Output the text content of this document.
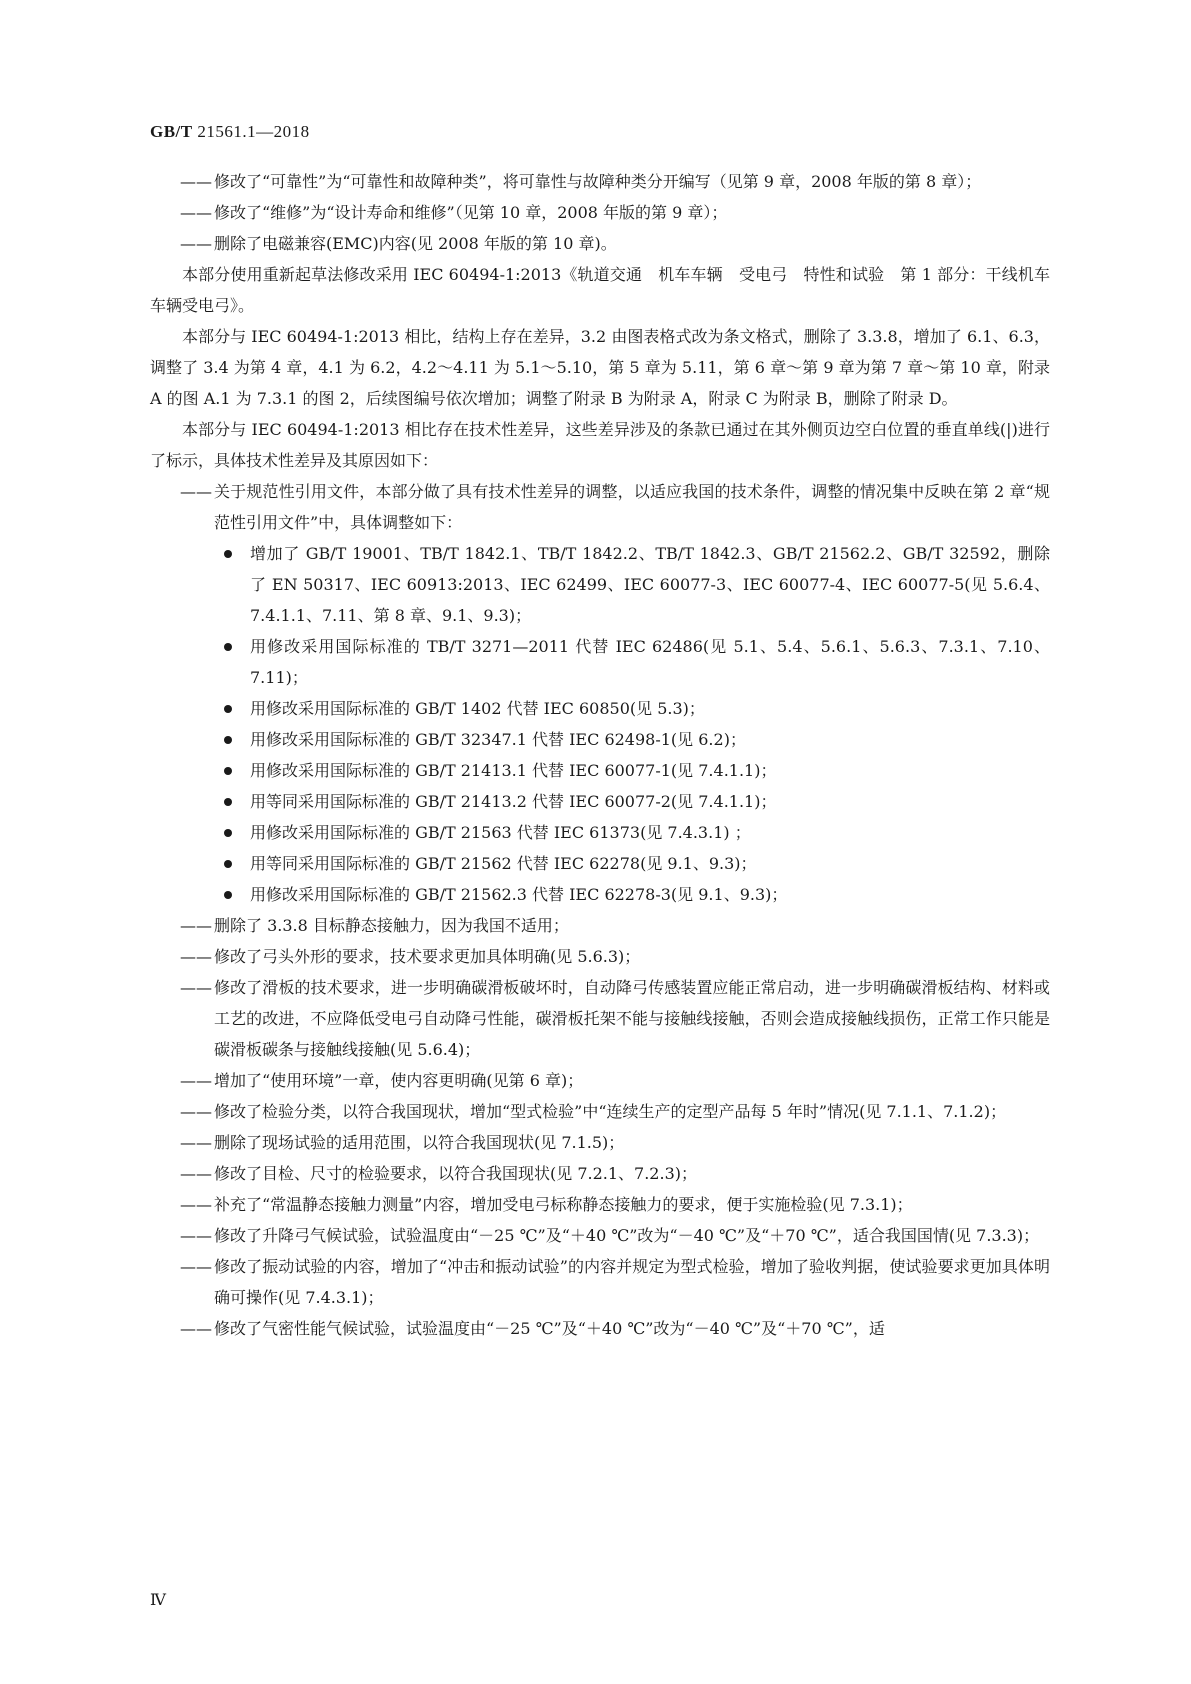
GB/T 21561.1—2018
—— 修改了“可靠性”为“可靠性和故障种类”，将可靠性与故障种类分开编写（见第 9 章，2008 年版的第 8 章）；
—— 修改了“维修”为“设计寿命和维修”（见第 10 章，2008 年版的第 9 章）；
—— 删除了电磁兼容(EMC)内容(见 2008 年版的第 10 章)。
本部分使用重新起草法修改采用 IEC 60494-1:2013《轨道交通　机车车辆　受电弓　特性和试验　第 1 部分：干线机车车辆受电弓》。
本部分与 IEC 60494-1:2013 相比，结构上存在差异，3.2 由图表格式改为条文格式，删除了 3.3.8，增加了 6.1、6.3，调整了 3.4 为第 4 章，4.1 为 6.2，4.2～4.11 为 5.1～5.10，第 5 章为 5.11，第 6 章～第 9 章为第 7 章～第 10 章，附录 A 的图 A.1 为 7.3.1 的图 2，后续图编号依次增加；调整了附录 B 为附录 A，附录 C 为附录 B，删除了附录 D。
本部分与 IEC 60494-1:2013 相比存在技术性差异，这些差异涉及的条款已通过在其外侧页边空白位置的垂直单线(|)进行了标示，具体技术性差异及其原因如下：
—— 关于规范性引用文件，本部分做了具有技术性差异的调整，以适应我国的技术条件，调整的情况集中反映在第 2 章“规范性引用文件”中，具体调整如下：
增加了 GB/T 19001、TB/T 1842.1、TB/T 1842.2、TB/T 1842.3、GB/T 21562.2、GB/T 32592，删除了 EN 50317、IEC 60913:2013、IEC 62499、IEC 60077-3、IEC 60077-4、IEC 60077-5(见 5.6.4、7.4.1.1、7.11、第 8 章、9.1、9.3)；
用修改采用国际标准的 TB/T 3271—2011 代替 IEC 62486(见 5.1、5.4、5.6.1、5.6.3、7.3.1、7.10、7.11)；
用修改采用国际标准的 GB/T 1402 代替 IEC 60850(见 5.3)；
用修改采用国际标准的 GB/T 32347.1 代替 IEC 62498-1(见 6.2)；
用修改采用国际标准的 GB/T 21413.1 代替 IEC 60077-1(见 7.4.1.1)；
用等同采用国际标准的 GB/T 21413.2 代替 IEC 60077-2(见 7.4.1.1)；
用修改采用国际标准的 GB/T 21563 代替 IEC 61373(见 7.4.3.1) ；
用等同采用国际标准的 GB/T 21562 代替 IEC 62278(见 9.1、9.3)；
用修改采用国际标准的 GB/T 21562.3 代替 IEC 62278-3(见 9.1、9.3)；
—— 删除了 3.3.8 目标静态接触力，因为我国不适用；
—— 修改了弓头外形的要求，技术要求更加具体明确(见 5.6.3)；
—— 修改了滑板的技术要求，进一步明确碳滑板破坏时，自动降弓传感装置应能正常启动，进一步明确碳滑板结构、材料或工艺的改进，不应降低受电弓自动降弓性能，碳滑板托架不能与接触线接触，否则会造成接触线损伤，正常工作只能是碳滑板碳条与接触线接触(见 5.6.4)；
—— 增加了“使用环境”一章，使内容更明确(见第 6 章)；
—— 修改了检验分类，以符合我国现状，增加“型式检验”中“连续生产的定型产品每 5 年时”情况(见 7.1.1、7.1.2)；
—— 删除了现场试验的适用范围，以符合我国现状(见 7.1.5)；
—— 修改了目检、尺寸的检验要求，以符合我国现状(见 7.2.1、7.2.3)；
—— 补充了“常温静态接触力测量”内容，增加受电弓标称静态接触力的要求，便于实施检验(见 7.3.1)；
—— 修改了升降弓气候试验，试验温度由“－25 ℃”及“＋40 ℃”改为“－40 ℃”及“＋70 ℃”，适合我国国情(见 7.3.3)；
—— 修改了振动试验的内容，增加了“冲击和振动试验”的内容并规定为型式检验，增加了验收判据，使试验要求更加具体明确可操作(见 7.4.3.1)；
—— 修改了气密性能气候试验，试验温度由“－25 ℃”及“＋40 ℃”改为“－40 ℃”及“＋70 ℃”，适
Ⅳ
